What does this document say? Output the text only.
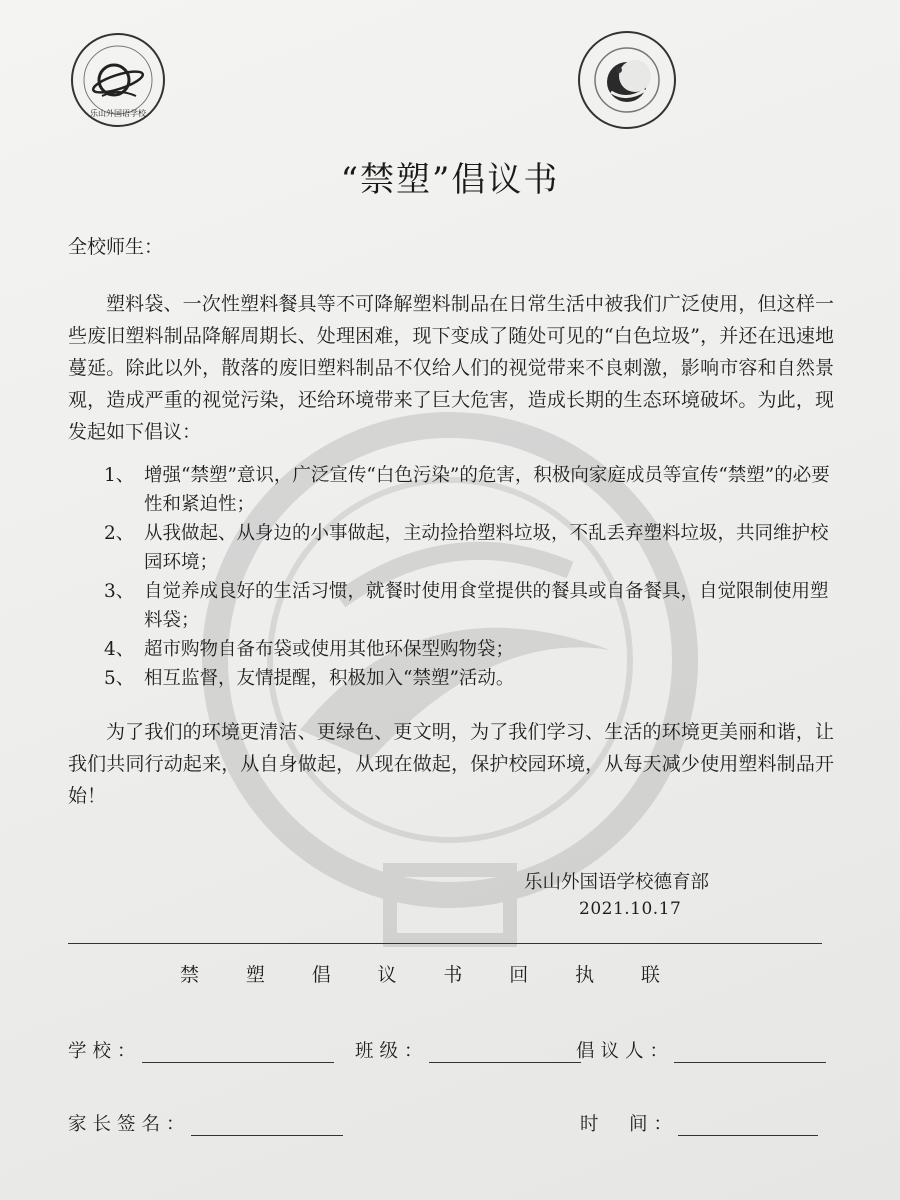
乐山外国语学校
“禁塑”倡议书
全校师生：

塑料袋、一次性塑料餐具等不可降解塑料制品在日常生活中被我们广泛使用，但这样一些废旧塑料制品降解周期长、处理困难，现下变成了随处可见的“白色垃圾”，并还在迅速地蔓延。除此以外，散落的废旧塑料制品不仅给人们的视觉带来不良刺激，影响市容和自然景观，造成严重的视觉污染，还给环境带来了巨大危害，造成长期的生态环境破坏。为此，现发起如下倡议：

1、 增强“禁塑”意识，广泛宣传“白色污染”的危害，积极向家庭成员等宣传“禁塑”的必要性和紧迫性；
2、 从我做起、从身边的小事做起，主动捡拾塑料垃圾，不乱丢弃塑料垃圾，共同维护校园环境；
3、 自觉养成良好的生活习惯，就餐时使用食堂提供的餐具或自备餐具，自觉限制使用塑料袋；
4、 超市购物自备布袋或使用其他环保型购物袋；
5、 相互监督，友情提醒，积极加入“禁塑”活动。

为了我们的环境更清洁、更绿色、更文明，为了我们学习、生活的环境更美丽和谐，让我们共同行动起来，从自身做起，从现在做起，保护校园环境，从每天减少使用塑料制品开始！

乐山外国语学校德育部
2021.10.17
禁 塑 倡 议 书 回 执 联
学校：	班级：	倡议人：
家长签名：	时　间：
